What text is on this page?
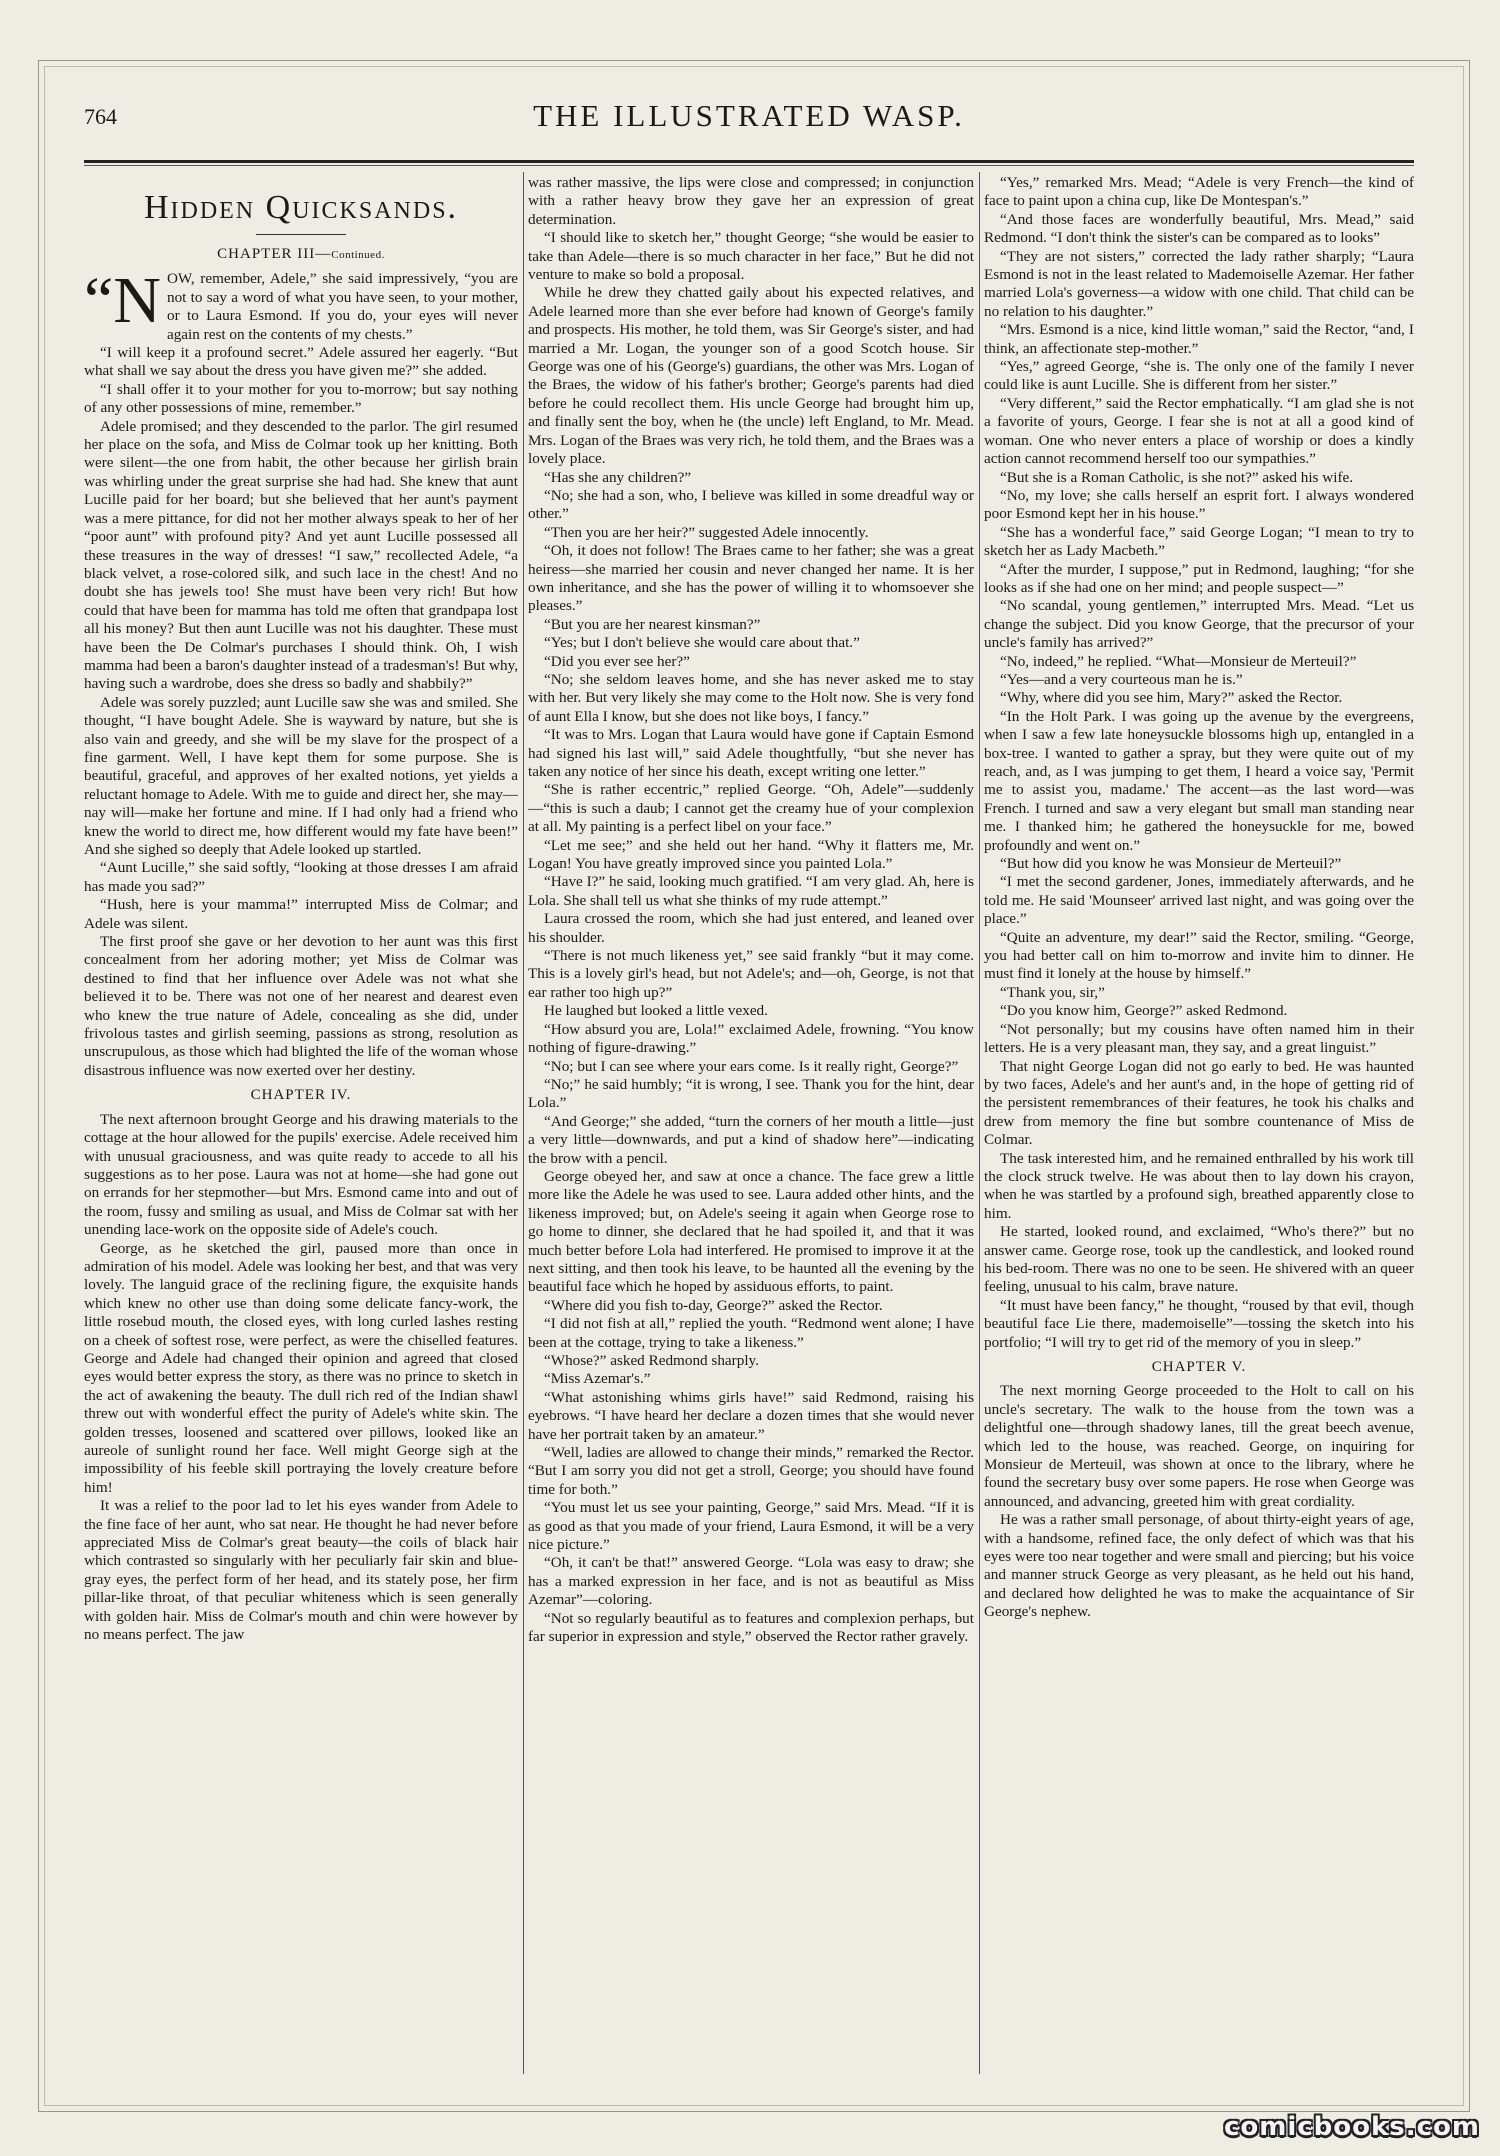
764	THE ILLUSTRATED WASP.
Hidden Quicksands.
CHAPTER III—Continued.

“NOW, remember, Adele,” she said impressively, “you are not to say a word of what you have seen, to your mother, or to Laura Esmond. If you do, your eyes will never again rest on the contents of my chests.”

“I will keep it a profound secret.” Adele assured her eagerly. “But what shall we say about the dress you have given me?” she added.

“I shall offer it to your mother for you to-morrow; but say nothing of any other possessions of mine, remember.”

Adele promised; and they descended to the parlor. The girl resumed her place on the sofa, and Miss de Colmar took up her knitting. Both were silent—the one from habit, the other because her girlish brain was whirling under the great surprise she had had. She knew that aunt Lucille paid for her board; but she believed that her aunt's payment was a mere pittance, for did not her mother always speak to her of her “poor aunt” with profound pity? And yet aunt Lucille possessed all these treasures in the way of dresses! “I saw,” recollected Adele, “a black velvet, a rose-colored silk, and such lace in the chest! And no doubt she has jewels too! She must have been very rich! But how could that have been for mamma has told me often that grandpapa lost all his money? But then aunt Lucille was not his daughter. These must have been the De Colmar's purchases I should think. Oh, I wish mamma had been a baron's daughter instead of a tradesman's! But why, having such a wardrobe, does she dress so badly and shabbily?”

Adele was sorely puzzled; aunt Lucille saw she was and smiled. She thought, “I have bought Adele. She is wayward by nature, but she is also vain and greedy, and she will be my slave for the prospect of a fine garment. Well, I have kept them for some purpose. She is beautiful, graceful, and approves of her exalted notions, yet yields a reluctant homage to Adele. With me to guide and direct her, she may—nay will—make her fortune and mine. If I had only had a friend who knew the world to direct me, how different would my fate have been!” And she sighed so deeply that Adele looked up startled.

“Aunt Lucille,” she said softly, “looking at those dresses I am afraid has made you sad?”

“Hush, here is your mamma!” interrupted Miss de Colmar; and Adele was silent.

The first proof she gave or her devotion to her aunt was this first concealment from her adoring mother; yet Miss de Colmar was destined to find that her influence over Adele was not what she believed it to be. There was not one of her nearest and dearest even who knew the true nature of Adele, concealing as she did, under frivolous tastes and girlish seeming, passions as strong, resolution as unscrupulous, as those which had blighted the life of the woman whose disastrous influence was now exerted over her destiny.

CHAPTER IV.

The next afternoon brought George and his drawing materials to the cottage at the hour allowed for the pupils' exercise. Adele received him with unusual graciousness, and was quite ready to accede to all his suggestions as to her pose. Laura was not at home—she had gone out on errands for her stepmother—but Mrs. Esmond came into and out of the room, fussy and smiling as usual, and Miss de Colmar sat with her unending lace-work on the opposite side of Adele's couch.

George, as he sketched the girl, paused more than once in admiration of his model. Adele was looking her best, and that was very lovely. The languid grace of the reclining figure, the exquisite hands which knew no other use than doing some delicate fancy-work, the little rosebud mouth, the closed eyes, with long curled lashes resting on a cheek of softest rose, were perfect, as were the chiselled features. George and Adele had changed their opinion and agreed that closed eyes would better express the story, as there was no prince to sketch in the act of awakening the beauty. The dull rich red of the Indian shawl threw out with wonderful effect the purity of Adele's white skin. The golden tresses, loosened and scattered over pillows, looked like an aureole of sunlight round her face. Well might George sigh at the impossibility of his feeble skill portraying the lovely creature before him!

It was a relief to the poor lad to let his eyes wander from Adele to the fine face of her aunt, who sat near. He thought he had never before appreciated Miss de Colmar's great beauty—the coils of black hair which contrasted so singularly with her peculiarly fair skin and blue-gray eyes, the perfect form of her head, and its stately pose, her firm pillar-like throat, of that peculiar whiteness which is seen generally with golden hair. Miss de Colmar's mouth and chin were however by no means perfect. The jaw

was rather massive, the lips were close and compressed; in conjunction with a rather heavy brow they gave her an expression of great determination.

“I should like to sketch her,” thought George; “she would be easier to take than Adele—there is so much character in her face,” But he did not venture to make so bold a proposal.

While he drew they chatted gaily about his expected relatives, and Adele learned more than she ever before had known of George's family and prospects. His mother, he told them, was Sir George's sister, and had married a Mr. Logan, the younger son of a good Scotch house. Sir George was one of his (George's) guardians, the other was Mrs. Logan of the Braes, the widow of his father's brother; George's parents had died before he could recollect them. His uncle George had brought him up, and finally sent the boy, when he (the uncle) left England, to Mr. Mead. Mrs. Logan of the Braes was very rich, he told them, and the Braes was a lovely place.

“Has she any children?”

“No; she had a son, who, I believe was killed in some dreadful way or other.”

“Then you are her heir?” suggested Adele innocently.

“Oh, it does not follow! The Braes came to her father; she was a great heiress—she married her cousin and never changed her name. It is her own inheritance, and she has the power of willing it to whomsoever she pleases.”

“But you are her nearest kinsman?”

“Yes; but I don't believe she would care about that.”

“Did you ever see her?”

“No; she seldom leaves home, and she has never asked me to stay with her. But very likely she may come to the Holt now. She is very fond of aunt Ella I know, but she does not like boys, I fancy.”

“It was to Mrs. Logan that Laura would have gone if Captain Esmond had signed his last will,” said Adele thoughtfully, “but she never has taken any notice of her since his death, except writing one letter.”

“She is rather eccentric,” replied George. “Oh, Adele”—suddenly—“this is such a daub; I cannot get the creamy hue of your complexion at all. My painting is a perfect libel on your face.”

“Let me see;” and she held out her hand. “Why it flatters me, Mr. Logan! You have greatly improved since you painted Lola.”

“Have I?” he said, looking much gratified. “I am very glad. Ah, here is Lola. She shall tell us what she thinks of my rude attempt.”

Laura crossed the room, which she had just entered, and leaned over his shoulder.

“There is not much likeness yet,” see said frankly “but it may come. This is a lovely girl's head, but not Adele's; and—oh, George, is not that ear rather too high up?”

He laughed but looked a little vexed.

“How absurd you are, Lola!” exclaimed Adele, frowning. “You know nothing of figure-drawing.”

“No; but I can see where your ears come. Is it really right, George?”

“No;” he said humbly; “it is wrong, I see. Thank you for the hint, dear Lola.”

“And George;” she added, “turn the corners of her mouth a little—just a very little—downwards, and put a kind of shadow here”—indicating the brow with a pencil.

George obeyed her, and saw at once a chance. The face grew a little more like the Adele he was used to see. Laura added other hints, and the likeness improved; but, on Adele's seeing it again when George rose to go home to dinner, she declared that he had spoiled it, and that it was much better before Lola had interfered. He promised to improve it at the next sitting, and then took his leave, to be haunted all the evening by the beautiful face which he hoped by assiduous efforts, to paint.

“Where did you fish to-day, George?” asked the Rector.

“I did not fish at all,” replied the youth. “Redmond went alone; I have been at the cottage, trying to take a likeness.”

“Whose?” asked Redmond sharply.

“Miss Azemar's.”

“What astonishing whims girls have!” said Redmond, raising his eyebrows. “I have heard her declare a dozen times that she would never have her portrait taken by an amateur.”

“Well, ladies are allowed to change their minds,” remarked the Rector. “But I am sorry you did not get a stroll, George; you should have found time for both.”

“You must let us see your painting, George,” said Mrs. Mead. “If it is as good as that you made of your friend, Laura Esmond, it will be a very nice picture.”

“Oh, it can't be that!” answered George. “Lola was easy to draw; she has a marked expression in her face, and is not as beautiful as Miss Azemar”—coloring.

“Not so regularly beautiful as to features and complexion perhaps, but far superior in expression and style,” observed the Rector rather gravely.

“Yes,” remarked Mrs. Mead; “Adele is very French—the kind of face to paint upon a china cup, like De Montespan's.”

“And those faces are wonderfully beautiful, Mrs. Mead,” said Redmond. “I don't think the sister's can be compared as to looks”

“They are not sisters,” corrected the lady rather sharply; “Laura Esmond is not in the least related to Mademoiselle Azemar. Her father married Lola's governess—a widow with one child. That child can be no relation to his daughter.”

“Mrs. Esmond is a nice, kind little woman,” said the Rector, “and, I think, an affectionate step-mother.”

“Yes,” agreed George, “she is. The only one of the family I never could like is aunt Lucille. She is different from her sister.”

“Very different,” said the Rector emphatically. “I am glad she is not a favorite of yours, George. I fear she is not at all a good kind of woman. One who never enters a place of worship or does a kindly action cannot recommend herself too our sympathies.”

“But she is a Roman Catholic, is she not?” asked his wife.

“No, my love; she calls herself an esprit fort. I always wondered poor Esmond kept her in his house.”

“She has a wonderful face,” said George Logan; “I mean to try to sketch her as Lady Macbeth.”

“After the murder, I suppose,” put in Redmond, laughing; “for she looks as if she had one on her mind; and people suspect—”

“No scandal, young gentlemen,” interrupted Mrs. Mead. “Let us change the subject. Did you know George, that the precursor of your uncle's family has arrived?”

“No, indeed,” he replied. “What—Monsieur de Merteuil?”

“Yes—and a very courteous man he is.”

“Why, where did you see him, Mary?” asked the Rector.

“In the Holt Park. I was going up the avenue by the evergreens, when I saw a few late honeysuckle blossoms high up, entangled in a box-tree. I wanted to gather a spray, but they were quite out of my reach, and, as I was jumping to get them, I heard a voice say, 'Permit me to assist you, madame.' The accent—as the last word—was French. I turned and saw a very elegant but small man standing near me. I thanked him; he gathered the honeysuckle for me, bowed profoundly and went on.”

“But how did you know he was Monsieur de Merteuil?”

“I met the second gardener, Jones, immediately afterwards, and he told me. He said 'Mounseer' arrived last night, and was going over the place.”

“Quite an adventure, my dear!” said the Rector, smiling. “George, you had better call on him to-morrow and invite him to dinner. He must find it lonely at the house by himself.”

“Thank you, sir,”

“Do you know him, George?” asked Redmond.

“Not personally; but my cousins have often named him in their letters. He is a very pleasant man, they say, and a great linguist.”

That night George Logan did not go early to bed. He was haunted by two faces, Adele's and her aunt's and, in the hope of getting rid of the persistent remembrances of their features, he took his chalks and drew from memory the fine but sombre countenance of Miss de Colmar.

The task interested him, and he remained enthralled by his work till the clock struck twelve. He was about then to lay down his crayon, when he was startled by a profound sigh, breathed apparently close to him.

He started, looked round, and exclaimed, “Who's there?” but no answer came. George rose, took up the candlestick, and looked round his bed-room. There was no one to be seen. He shivered with an queer feeling, unusual to his calm, brave nature.

“It must have been fancy,” he thought, “roused by that evil, though beautiful face Lie there, mademoiselle”—tossing the sketch into his portfolio; “I will try to get rid of the memory of you in sleep.”

CHAPTER V.

The next morning George proceeded to the Holt to call on his uncle's secretary. The walk to the house from the town was a delightful one—through shadowy lanes, till the great beech avenue, which led to the house, was reached. George, on inquiring for Monsieur de Merteuil, was shown at once to the library, where he found the secretary busy over some papers. He rose when George was announced, and advancing, greeted him with great cordiality.

He was a rather small personage, of about thirty-eight years of age, with a handsome, refined face, the only defect of which was that his eyes were too near together and were small and piercing; but his voice and manner struck George as very pleasant, as he held out his hand, and declared how delighted he was to make the acquaintance of Sir George's nephew.

comicbooks.com
